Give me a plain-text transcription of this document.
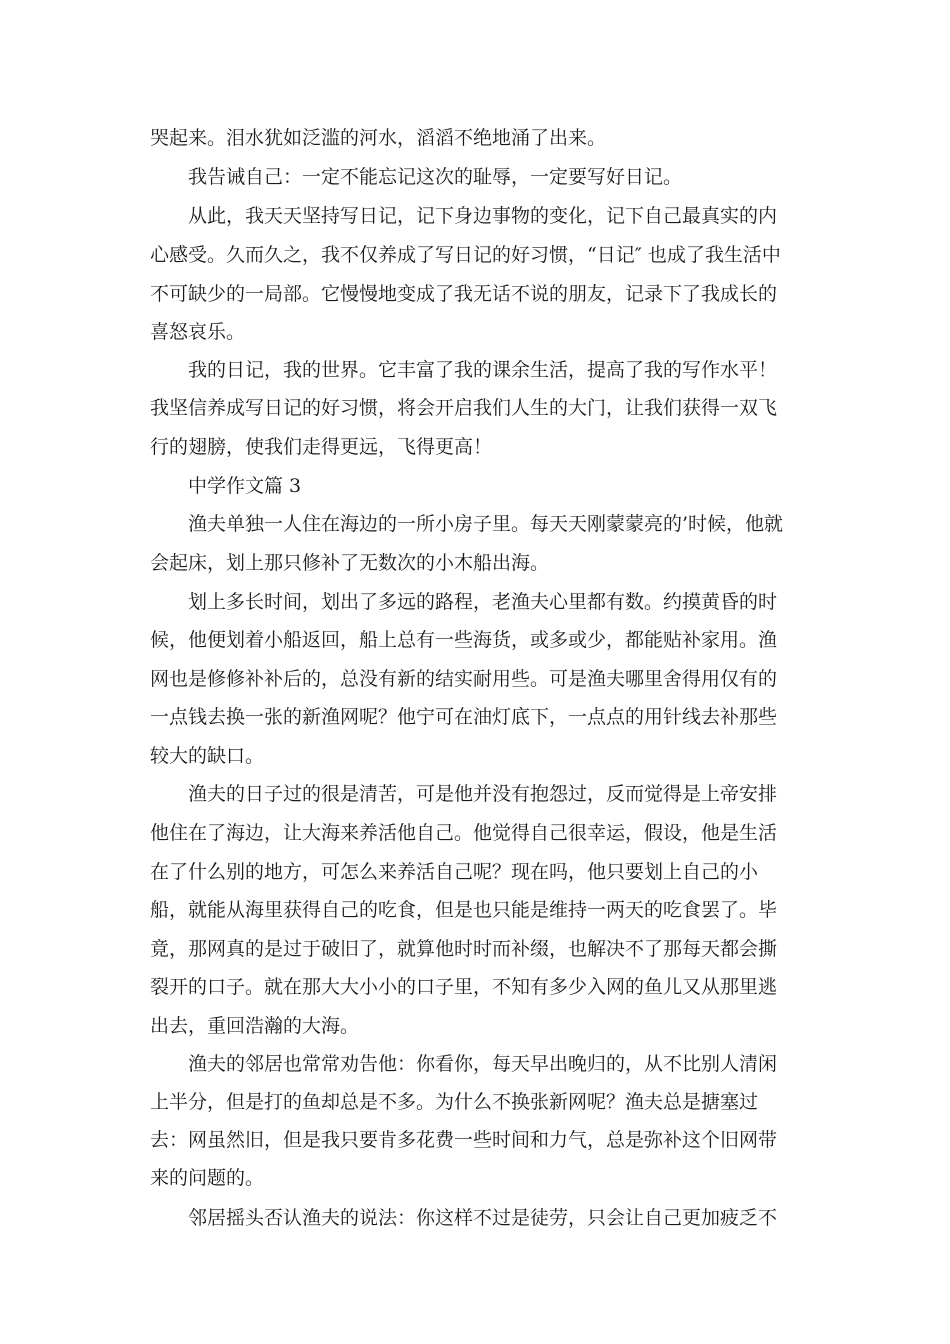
哭起来。泪水犹如泛滥的河水，滔滔不绝地涌了出来。

我告诫自己：一定不能忘记这次的耻辱，一定要写好日记。

从此，我天天坚持写日记，记下身边事物的变化，记下自己最真实的内

心感受。久而久之，我不仅养成了写日记的好习惯，“日记″ 也成了我生活中

不可缺少的一局部。它慢慢地变成了我无话不说的朋友，记录下了我成长的

喜怒哀乐。

我的日记，我的世界。它丰富了我的课余生活，提高了我的写作水平！

我坚信养成写日记的好习惯，将会开启我们人生的大门，让我们获得一双飞

行的翅膀，使我们走得更远，飞得更高！

中学作文篇 3

渔夫单独一人住在海边的一所小房子里。每天天刚蒙蒙亮的’时候，他就

会起床，划上那只修补了无数次的小木船出海。

划上多长时间，划出了多远的路程，老渔夫心里都有数。约摸黄昏的时

候，他便划着小船返回，船上总有一些海货，或多或少，都能贴补家用。渔

网也是修修补补后的，总没有新的结实耐用些。可是渔夫哪里舍得用仅有的

一点钱去换一张的新渔网呢？他宁可在油灯底下，一点点的用针线去补那些

较大的缺口。

渔夫的日子过的很是清苦，可是他并没有抱怨过，反而觉得是上帝安排

他住在了海边，让大海来养活他自己。他觉得自己很幸运，假设，他是生活

在了什么别的地方，可怎么来养活自己呢？现在吗，他只要划上自己的小

船，就能从海里获得自己的吃食，但是也只能是维持一两天的吃食罢了。毕

竟，那网真的是过于破旧了，就算他时时而补缀，也解决不了那每天都会撕

裂开的口子。就在那大大小小的口子里，不知有多少入网的鱼儿又从那里逃

出去，重回浩瀚的大海。

渔夫的邻居也常常劝告他：你看你，每天早出晚归的，从不比别人清闲

上半分，但是打的鱼却总是不多。为什么不换张新网呢？渔夫总是搪塞过

去：网虽然旧，但是我只要肯多花费一些时间和力气，总是弥补这个旧网带

来的问题的。

邻居摇头否认渔夫的说法：你这样不过是徒劳，只会让自己更加疲乏不
